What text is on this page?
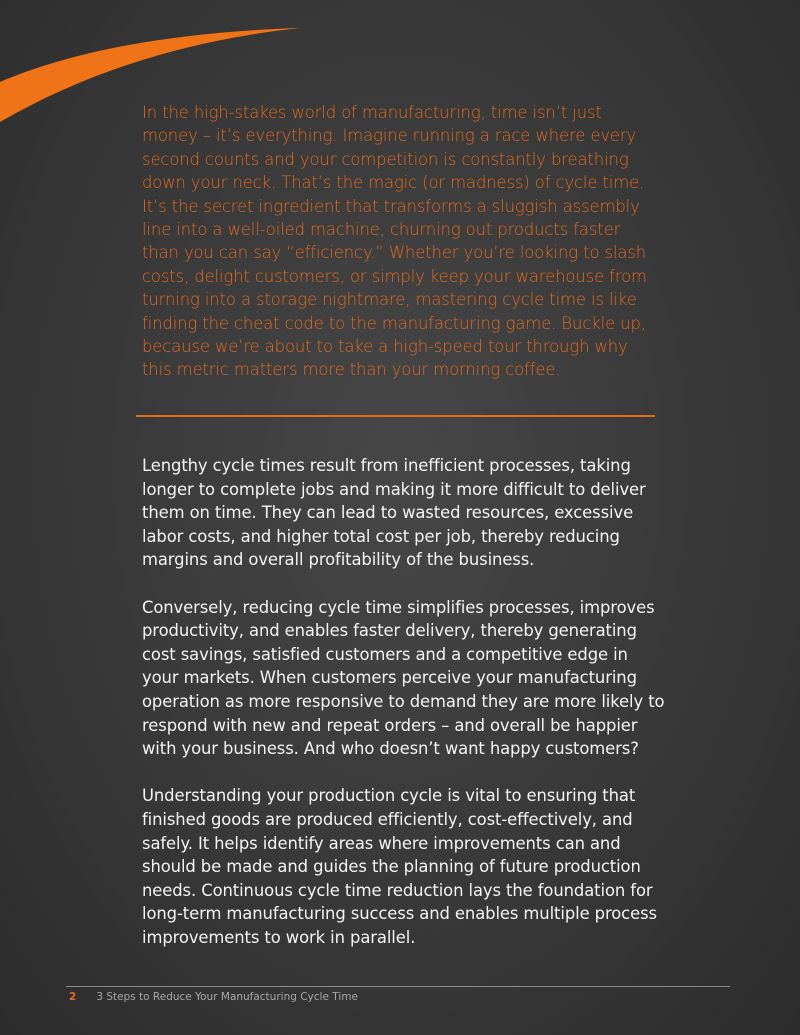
In the high-stakes world of manufacturing, time isn’t just money – it’s everything. Imagine running a race where every second counts and your competition is constantly breathing down your neck. That’s the magic (or madness) of cycle time. It’s the secret ingredient that transforms a sluggish assembly line into a well-oiled machine, churning out products faster than you can say “efficiency.” Whether you’re looking to slash costs, delight customers, or simply keep your warehouse from turning into a storage nightmare, mastering cycle time is like finding the cheat code to the manufacturing game. Buckle up, because we’re about to take a high-speed tour through why this metric matters more than your morning coffee.

Lengthy cycle times result from inefficient processes, taking longer to complete jobs and making it more difficult to deliver them on time. They can lead to wasted resources, excessive labor costs, and higher total cost per job, thereby reducing margins and overall profitability of the business.

Conversely, reducing cycle time simplifies processes, improves productivity, and enables faster delivery, thereby generating cost savings, satisfied customers and a competitive edge in your markets. When customers perceive your manufacturing operation as more responsive to demand they are more likely to respond with new and repeat orders – and overall be happier with your business. And who doesn’t want happy customers?

Understanding your production cycle is vital to ensuring that finished goods are produced efficiently, cost-effectively, and safely. It helps identify areas where improvements can and should be made and guides the planning of future production needs. Continuous cycle time reduction lays the foundation for long-term manufacturing success and enables multiple process improvements to work in parallel.

2 3 Steps to Reduce Your Manufacturing Cycle Time
